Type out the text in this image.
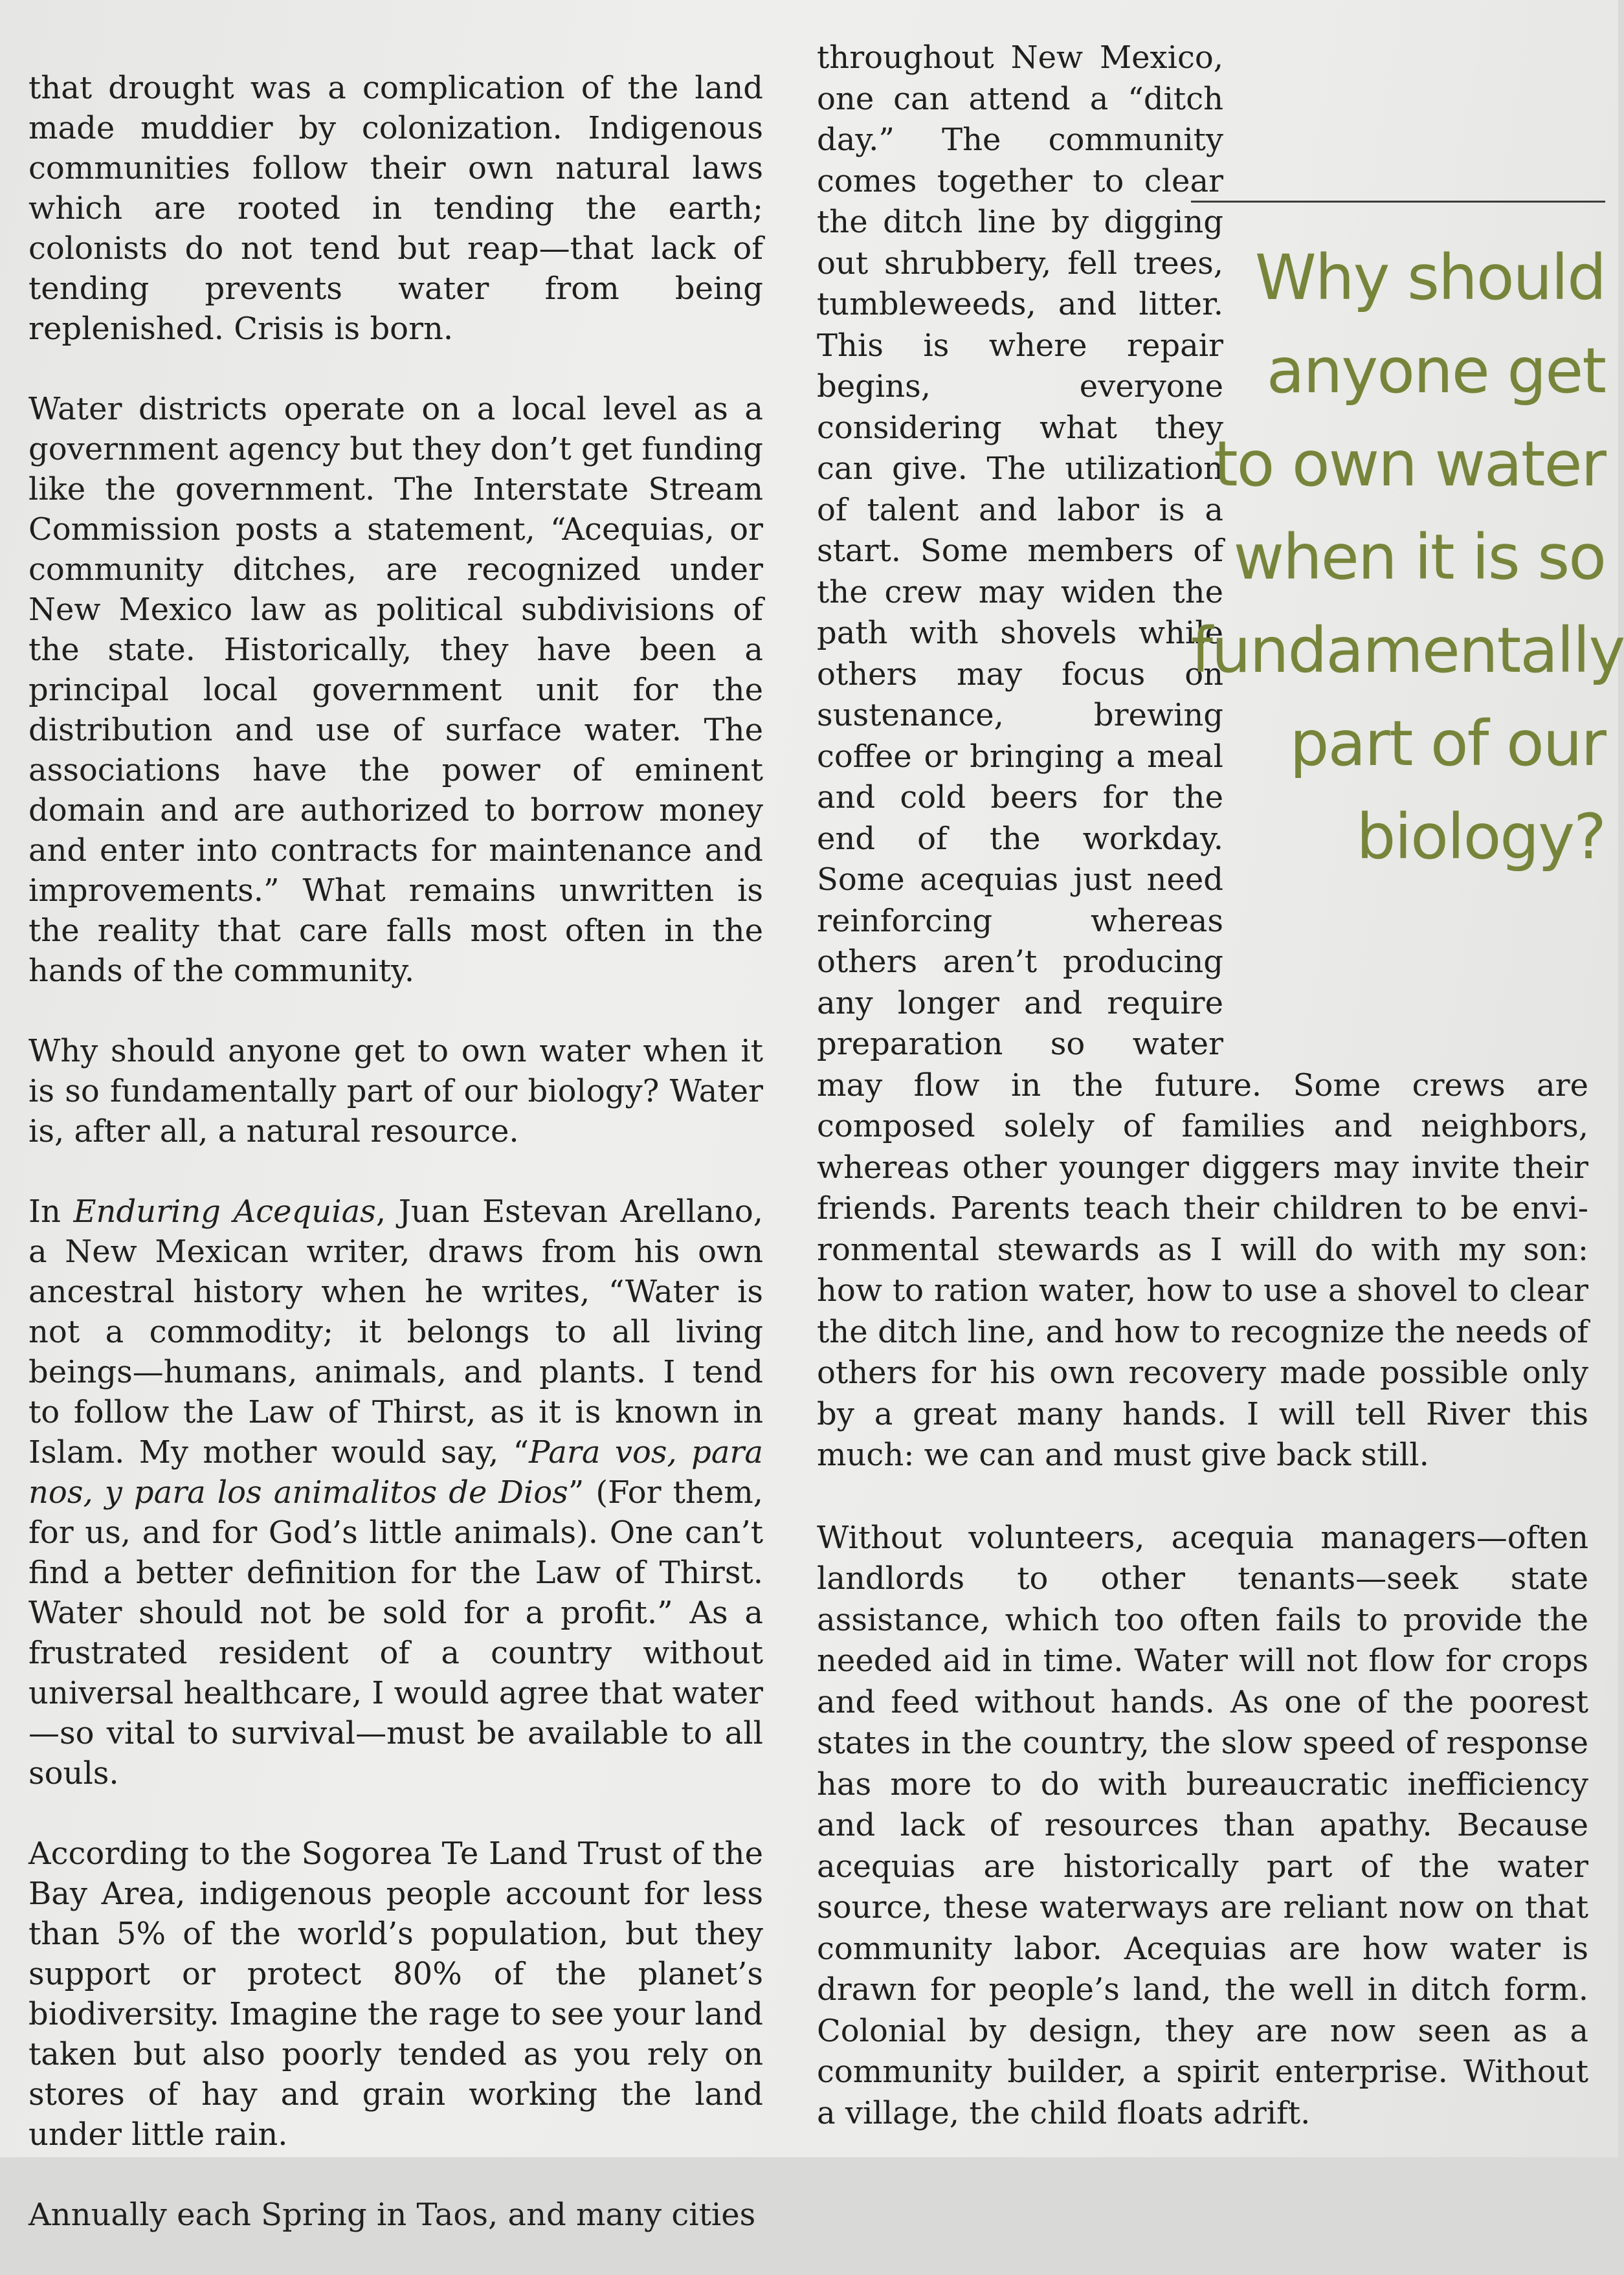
that drought was a complication of the land made muddier by colonization. Indigenous communities follow their own natural laws which are rooted in tending the earth; colonists do not tend but reap—that lack of tending prevents water from being replenished. Crisis is born.

Water districts operate on a local level as a government agency but they don’t get funding like the government. The Interstate Stream Commission posts a statement, “Acequias, or community ditches, are recognized under New Mexico law as political subdivisions of the state. Historically, they have been a principal local government unit for the distribution and use of surface water. The associations have the power of eminent domain and are authorized to borrow money and enter into contracts for maintenance and improvements.” What remains unwritten is the reality that care falls most often in the hands of the community.

Why should anyone get to own water when it is so fundamentally part of our biology? Water is, after all, a natural resource.

In Enduring Acequias, Juan Estevan Arellano, a New Mexican writer, draws from his own ancestral history when he writes, “Water is not a commodity; it belongs to all living beings—humans, animals, and plants. I tend to follow the Law of Thirst, as it is known in Islam. My mother would say, “Para vos, para nos, y para los animalitos de Dios” (For them, for us, and for God’s little animals). One can’t find a better definition for the Law of Thirst. Water should not be sold for a profit.” As a frustrated resident of a country without universal healthcare, I would agree that water—so vital to survival—must be available to all souls.

According to the Sogorea Te Land Trust of the Bay Area, indigenous people account for less than 5% of the world’s population, but they support or protect 80% of the planet’s biodiversity. Imagine the rage to see your land taken but also poorly tended as you rely on stores of hay and grain working the land under little rain.

Annually each Spring in Taos, and many cities

throughout New Mexico, one can attend a “ditch day.” The community comes together to clear the ditch line by digging out shrubbery, fell trees, tumbleweeds, and litter. This is where repair begins, everyone considering what they can give. The utilization of talent and labor is a start. Some members of the crew may widen the path with shovels while others may focus on sustenance, brewing coffee or bringing a meal and cold beers for the end of the workday. Some acequias just need reinforcing whereas others aren’t producing any longer and require preparation so water may flow in the future. Some crews are composed solely of families and neighbors, whereas other younger diggers may invite their friends. Parents teach their children to be environmental stewards as I will do with my son: how to ration water, how to use a shovel to clear the ditch line, and how to recognize the needs of others for his own recovery made possible only by a great many hands. I will tell River this much: we can and must give back still.

Without volunteers, acequia managers—often landlords to other tenants—seek state assistance, which too often fails to provide the needed aid in time. Water will not flow for crops and feed without hands. As one of the poorest states in the country, the slow speed of response has more to do with bureaucratic inefficiency and lack of resources than apathy. Because acequias are historically part of the water source, these waterways are reliant now on that community labor. Acequias are how water is drawn for people’s land, the well in ditch form. Colonial by design, they are now seen as a community builder, a spirit enterprise. Without a village, the child floats adrift.

Why should anyone get to own water when it is so fundamentally part of our biology?
